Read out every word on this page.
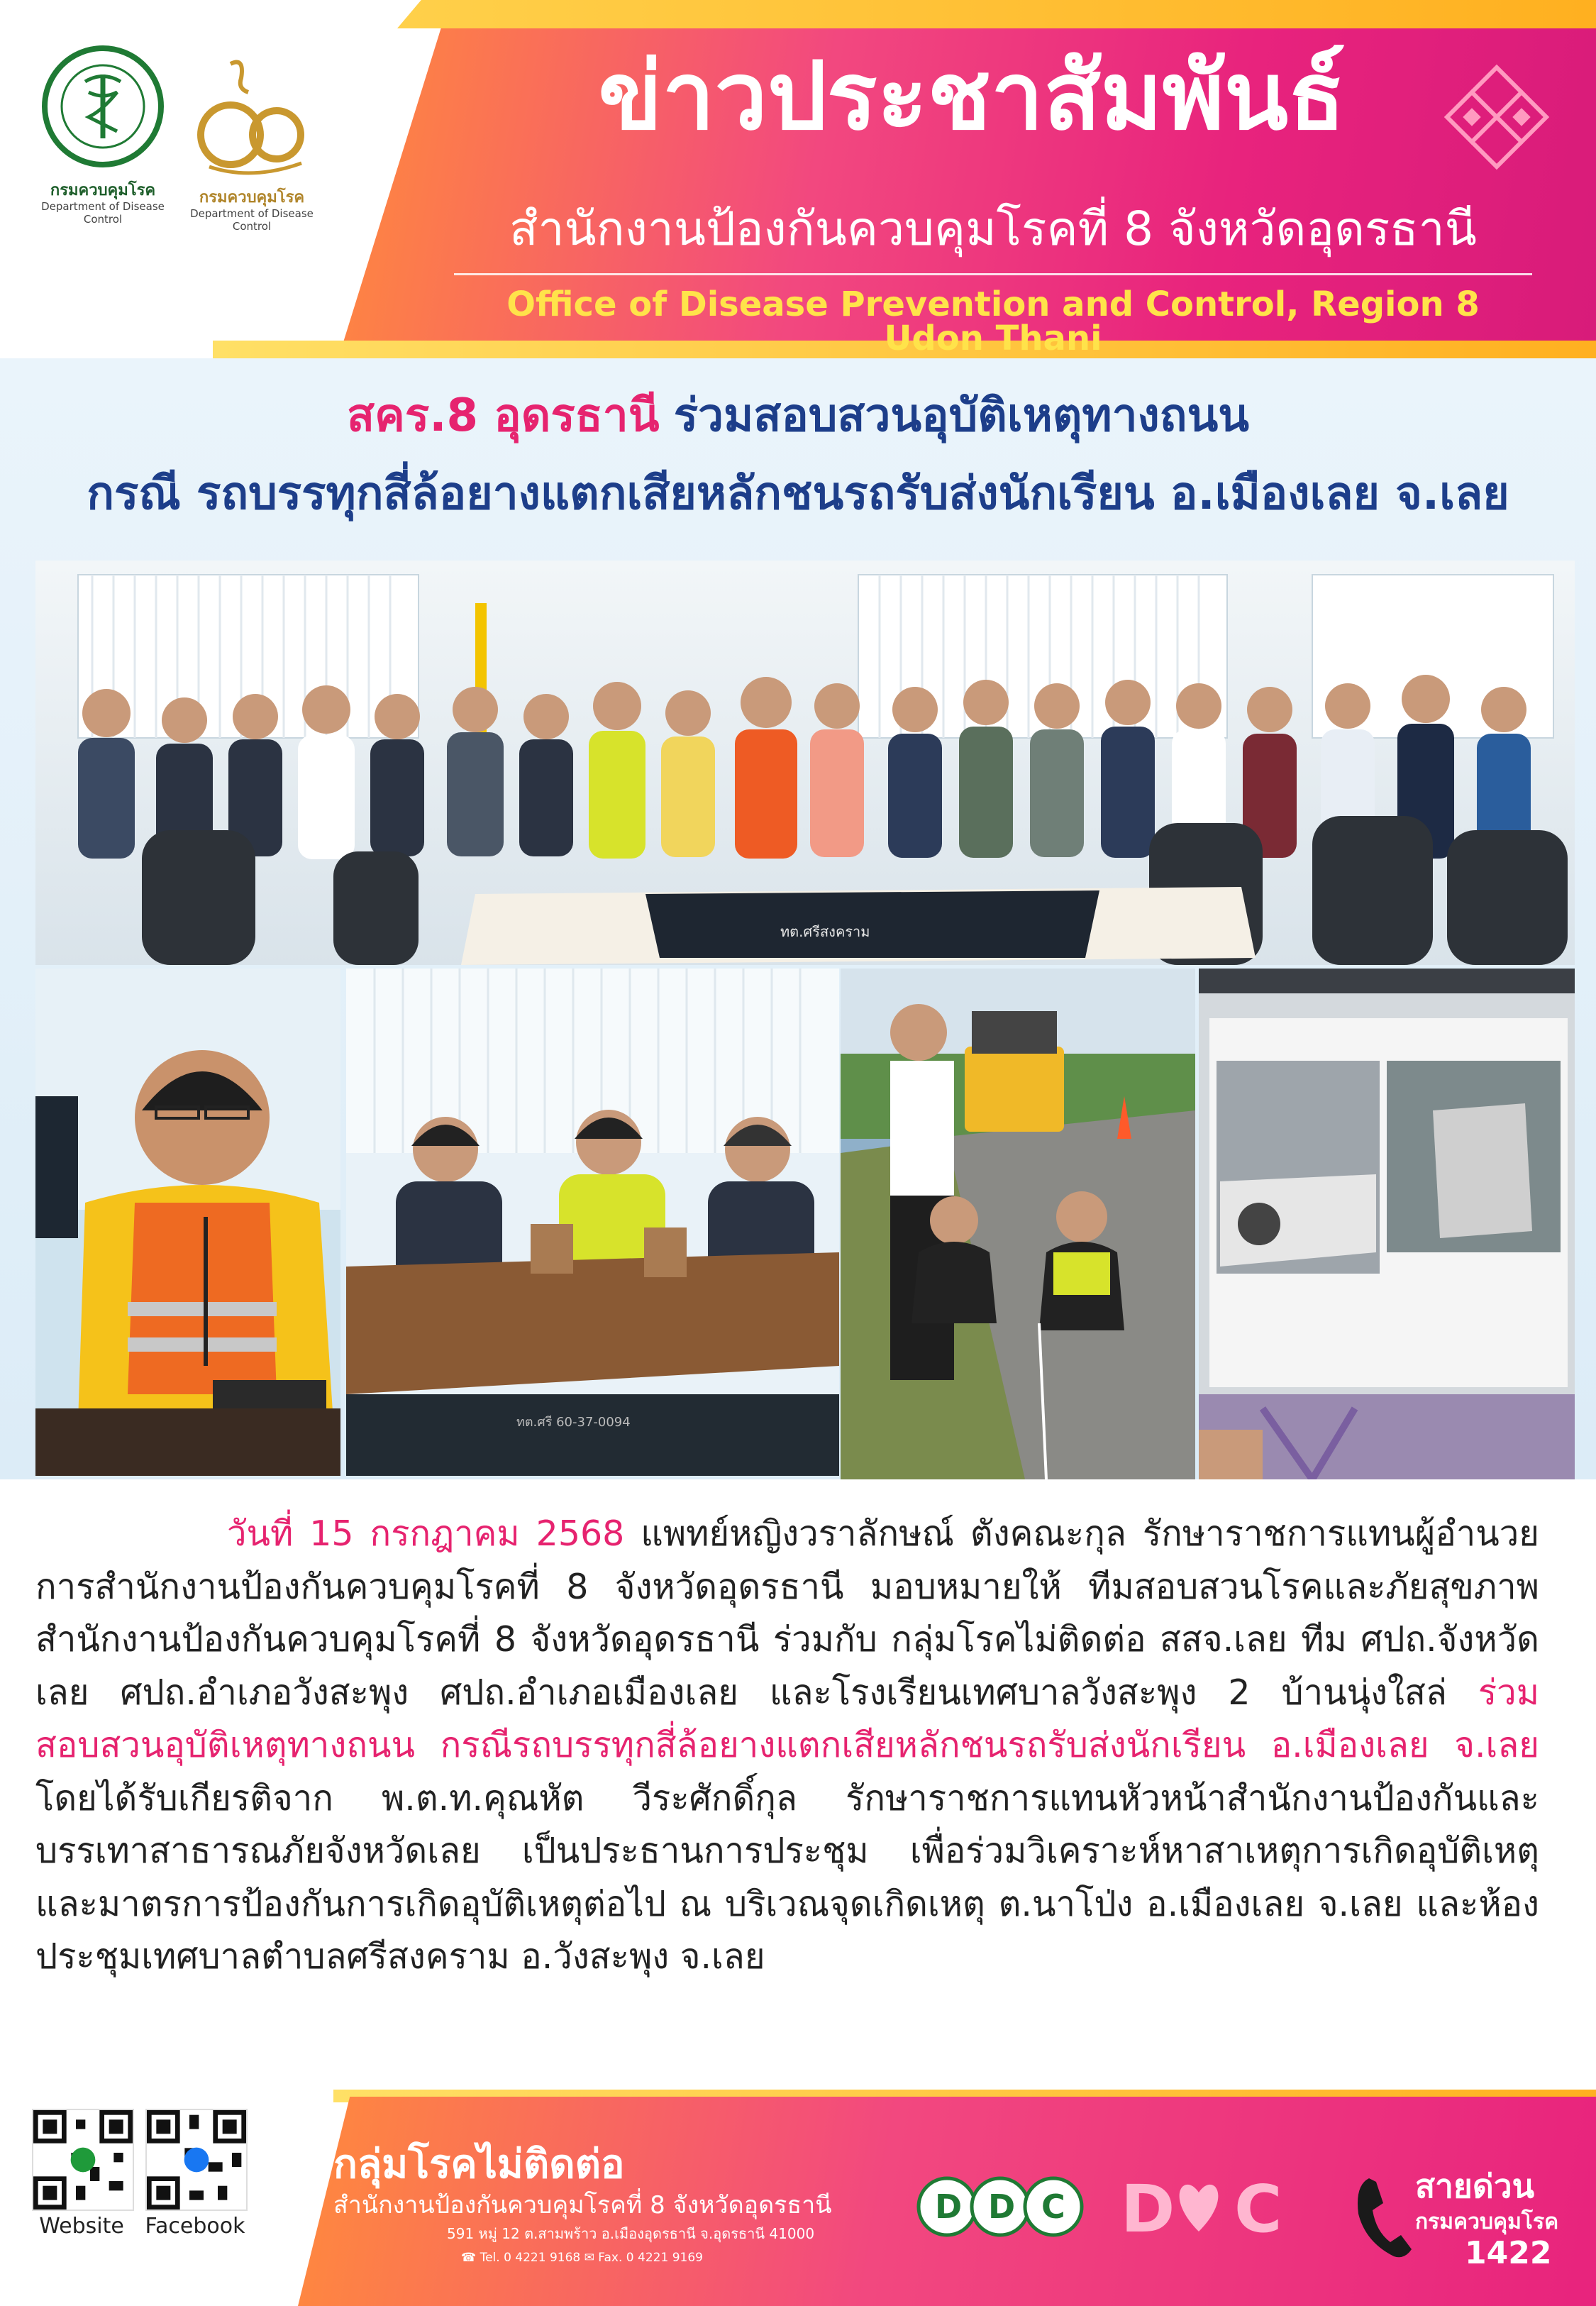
กรมควบคุมโรค
Department of Disease Control
กรมควบคุมโรค
Department of Disease Control
ข่าวประชาสัมพันธ์
สำนักงานป้องกันควบคุมโรคที่ 8 จังหวัดอุดรธานี
Office of Disease Prevention and Control, Region 8 Udon Thani
สคร.8 อุดรธานี ร่วมสอบสวนอุบัติเหตุทางถนน
กรณี รถบรรทุกสี่ล้อยางแตกเสียหลักชนรถรับส่งนักเรียน อ.เมืองเลย จ.เลย
ทต.ศรีสงคราม
ทต.ศรี 60-37-0094
วันที่ 15 กรกฎาคม 2568 แพทย์หญิงวราลักษณ์ ตังคณะกุล รักษาราชการแทนผู้อำนวยการสำนักงานป้องกันควบคุมโรคที่ 8 จังหวัดอุดรธานี มอบหมายให้ ทีมสอบสวนโรคและภัยสุขภาพสำนักงานป้องกันควบคุมโรคที่ 8 จังหวัดอุดรธานี ร่วมกับ กลุ่มโรคไม่ติดต่อ สสจ.เลย ทีม ศปถ.จังหวัดเลย ศปถ.อำเภอวังสะพุง ศปถ.อำเภอเมืองเลย และโรงเรียนเทศบาลวังสะพุง 2 บ้านนุ่งใสล่ ร่วมสอบสวนอุบัติเหตุทางถนน กรณีรถบรรทุกสี่ล้อยางแตกเสียหลักชนรถรับส่งนักเรียน อ.เมืองเลย จ.เลย โดยได้รับเกียรติจาก พ.ต.ท.คุณหัต วีระศักดิ์กุล รักษาราชการแทนหัวหน้าสำนักงานป้องกันและบรรเทาสาธารณภัยจังหวัดเลย เป็นประธานการประชุม เพื่อร่วมวิเคราะห์หาสาเหตุการเกิดอุบัติเหตุ และมาตรการป้องกันการเกิดอุบัติเหตุต่อไป ณ บริเวณจุดเกิดเหตุ ต.นาโป่ง อ.เมืองเลย จ.เลย และห้องประชุมเทศบาลตำบลศรีสงคราม อ.วังสะพุง จ.เลย
Website Facebook
กลุ่มโรคไม่ติดต่อ
สำนักงานป้องกันควบคุมโรคที่ 8 จังหวัดอุดรธานี
591 หมู่ 12 ต.สามพร้าว อ.เมืองอุดรธานี จ.อุดรธานี 41000
☎ Tel. 0 4221 9168 ✉ Fax. 0 4221 9169
D D C D C	สายด่วน
กรมควบคุมโรค
1422
